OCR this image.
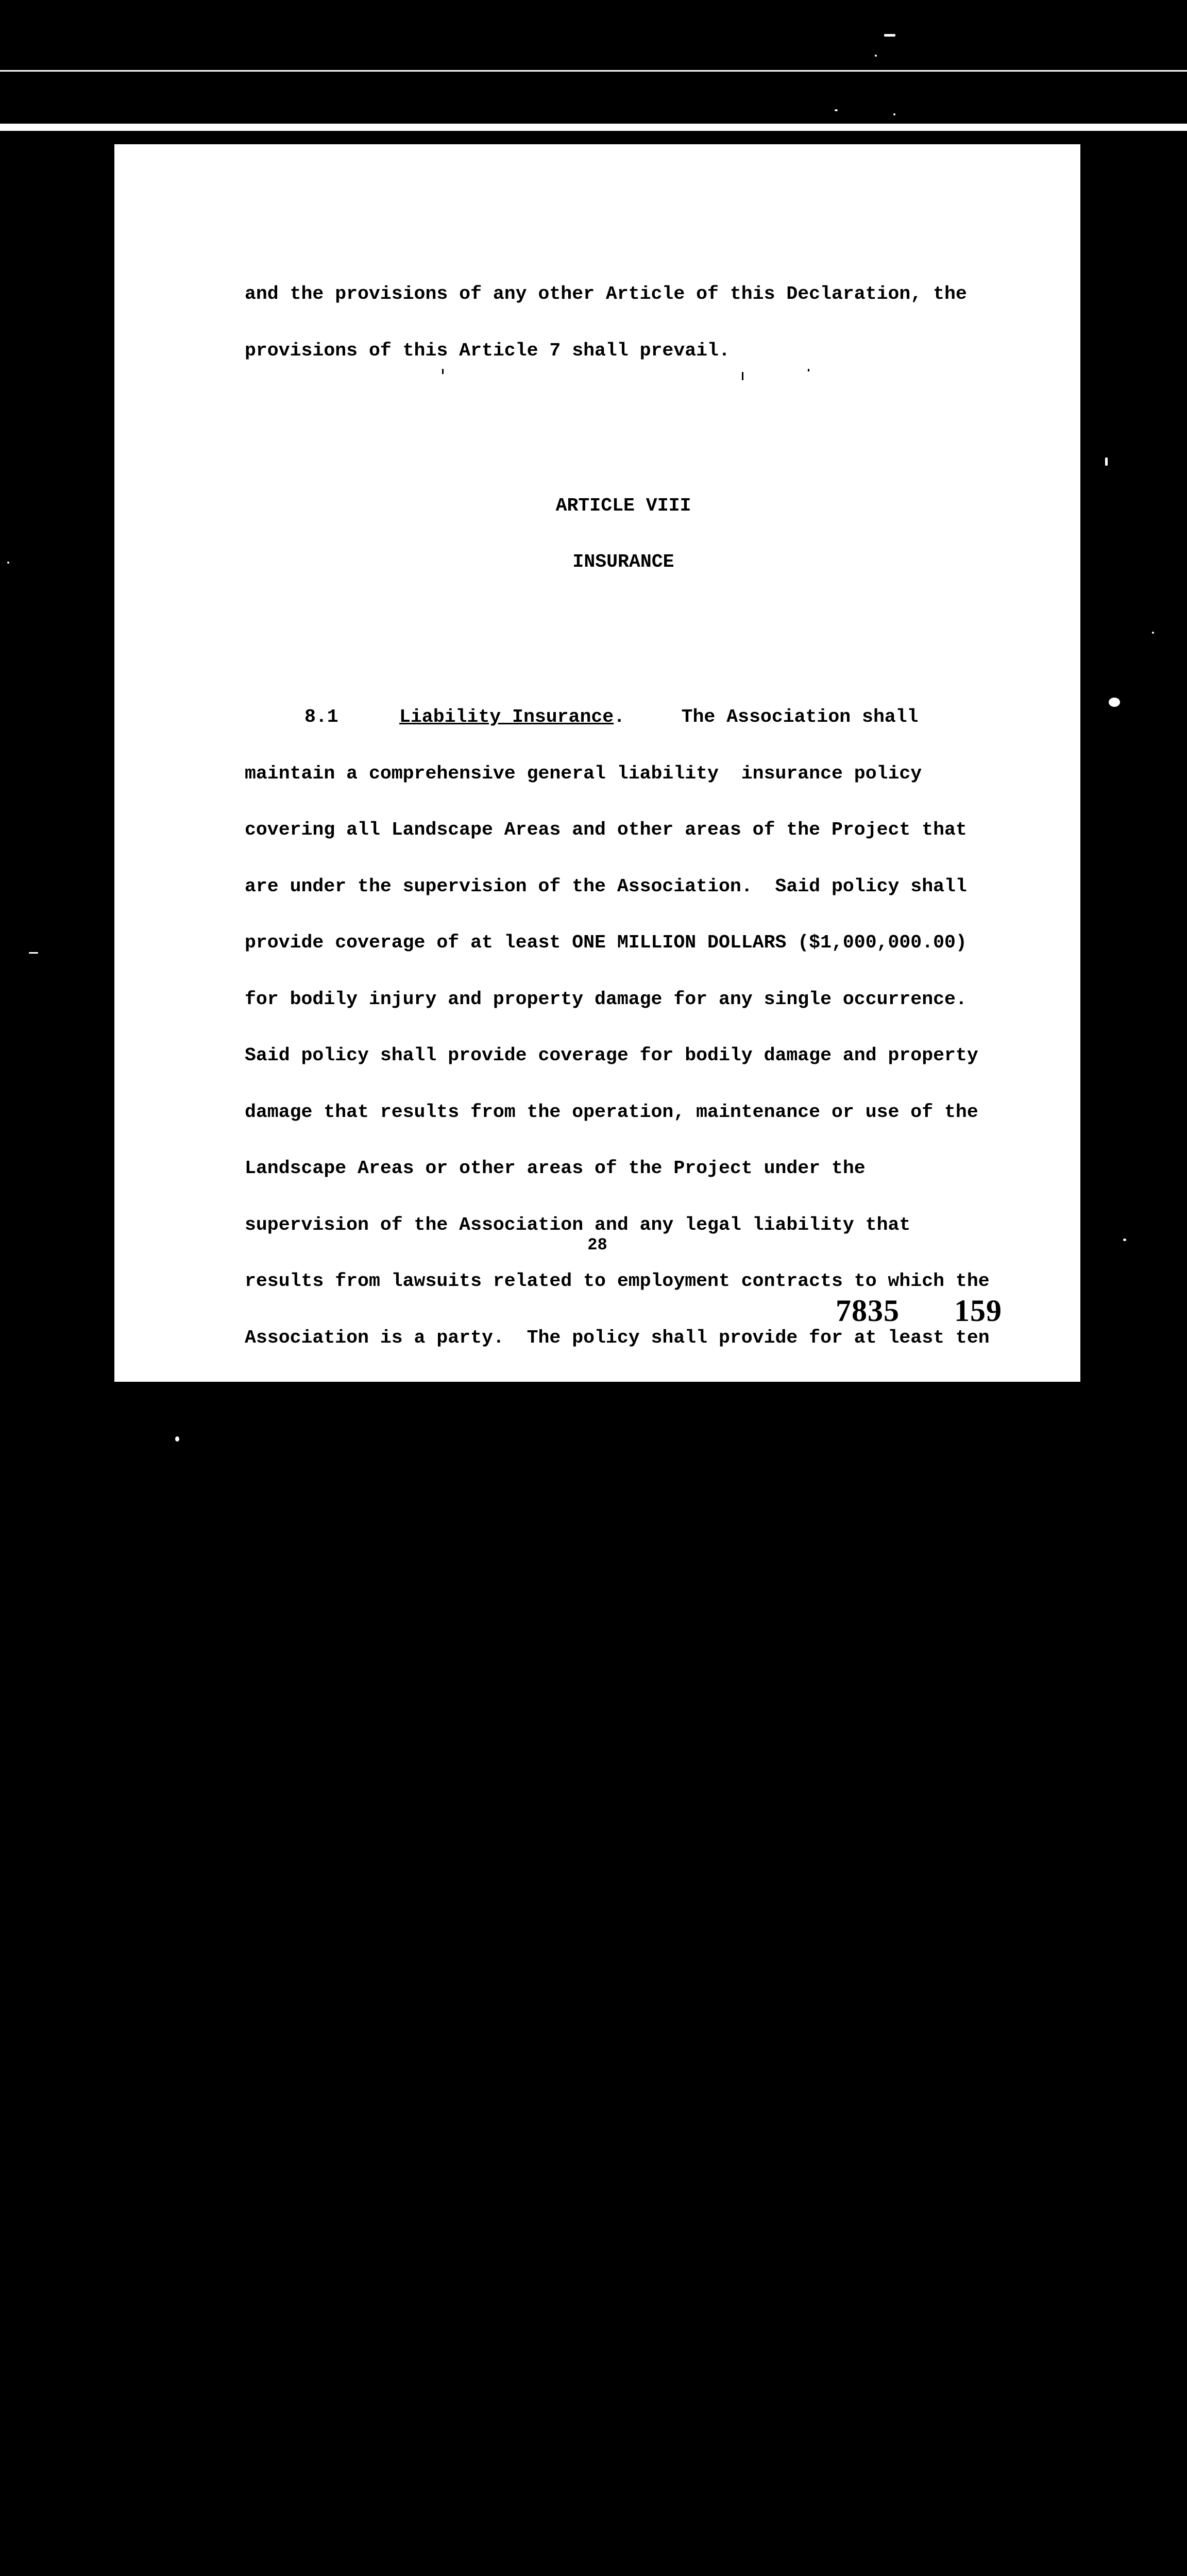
and the provisions of any other Article of this Declaration, the

provisions of this Article 7 shall prevail.

ARTICLE VIII

INSURANCE

8.1	Liability Insurance.     The Association shall

maintain a comprehensive general liability  insurance policy

covering all Landscape Areas and other areas of the Project that

are under the supervision of the Association.  Said policy shall

provide coverage of at least ONE MILLION DOLLARS ($1,000,000.00)

for bodily injury and property damage for any single occurrence.

Said policy shall provide coverage for bodily damage and property

damage that results from the operation, maintenance or use of the

Landscape Areas or other areas of the Project under the

supervision of the Association and any legal liability that

results from lawsuits related to employment contracts to which the

Association is a party.  The policy shall provide for at least ten

(10) days' written notice to the Association prior to cancellation

or substantial modification.

8.2	Hazard Insurance.      So long as the Federal National

Mortgage Association(hereinafter referred to as "FNMA") is the

holder of any Mortgage on or is the Owner of any Unit Estate, the

Association shall keep any building located on property owned by

the Association insured against loss by fire and all other perils

customarily covered by a standard "all risk" endorsement in an

amount equal to one hundred per cent (100%) of the current re-

placement cost thereof, exclusive of land, foundations, excava-

tions and other items normally excluded from insurance coverage.

The Association in such event shall also keep any Association

fixtures,building service equipment, personal property and

supplies insured against loss by fire and the risks covered by a

standard "all risk" endorsement under a policy in the amount of

the current replacement cost thereof.  The aforesaid policies

shall contain "Agreed Amount" and "Inflation Guard" endorsements

when they can be obtained.  Likewise, typical construction code

endorsements (including Demolition Cost Endorsement, Contingent

Liability from Operation of Building Laws Endorsement and

28
7835 159
